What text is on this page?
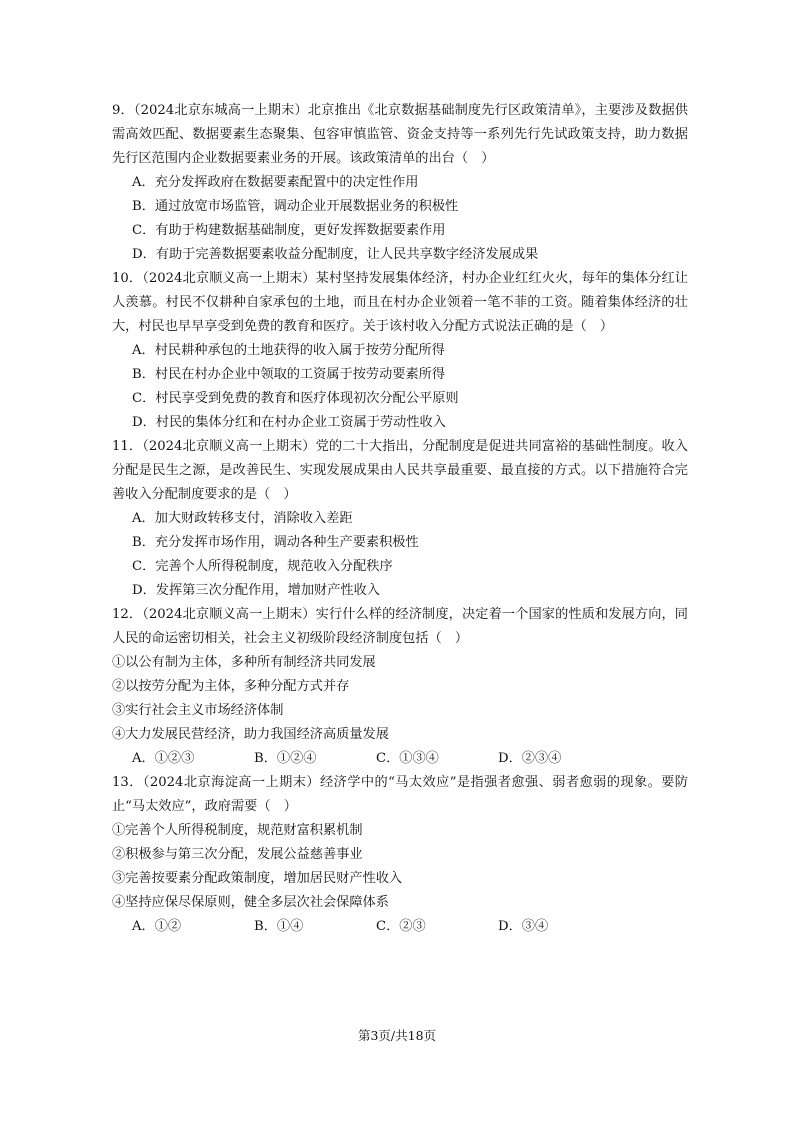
9．（2024北京东城高一上期末）北京推出《北京数据基础制度先行区政策清单》，主要涉及数据供需高效匹配、数据要素生态聚集、包容审慎监管、资金支持等一系列先行先试政策支持，助力数据先行区范围内企业数据要素业务的开展。该政策清单的出台（　）

A．充分发挥政府在数据要素配置中的决定性作用

B．通过放宽市场监管，调动企业开展数据业务的积极性

C．有助于构建数据基础制度，更好发挥数据要素作用

D．有助于完善数据要素收益分配制度，让人民共享数字经济发展成果

10．（2024北京顺义高一上期末）某村坚持发展集体经济，村办企业红红火火，每年的集体分红让人羡慕。村民不仅耕种自家承包的土地，而且在村办企业领着一笔不菲的工资。随着集体经济的壮大，村民也早早享受到免费的教育和医疗。关于该村收入分配方式说法正确的是（　）

A．村民耕种承包的土地获得的收入属于按劳分配所得

B．村民在村办企业中领取的工资属于按劳动要素所得

C．村民享受到免费的教育和医疗体现初次分配公平原则

D．村民的集体分红和在村办企业工资属于劳动性收入

11．（2024北京顺义高一上期末）党的二十大指出，分配制度是促进共同富裕的基础性制度。收入分配是民生之源，是改善民生、实现发展成果由人民共享最重要、最直接的方式。以下措施符合完善收入分配制度要求的是（　）

A．加大财政转移支付，消除收入差距

B．充分发挥市场作用，调动各种生产要素积极性

C．完善个人所得税制度，规范收入分配秩序

D．发挥第三次分配作用，增加财产性收入

12．（2024北京顺义高一上期末）实行什么样的经济制度，决定着一个国家的性质和发展方向，同人民的命运密切相关，社会主义初级阶段经济制度包括（　）

①以公有制为主体，多种所有制经济共同发展

②以按劳分配为主体，多种分配方式并存

③实行社会主义市场经济体制

④大力发展民营经济，助力我国经济高质量发展

A．①②③	B．①②④	C．①③④	D．②③④

13．（2024北京海淀高一上期末）经济学中的“马太效应”是指强者愈强、弱者愈弱的现象。要防止“马太效应”，政府需要（　）

①完善个人所得税制度，规范财富积累机制

②积极参与第三次分配，发展公益慈善事业

③完善按要素分配政策制度，增加居民财产性收入

④坚持应保尽保原则，健全多层次社会保障体系

A．①②	B．①④	C．②③	D．③④

第3页/共18页
